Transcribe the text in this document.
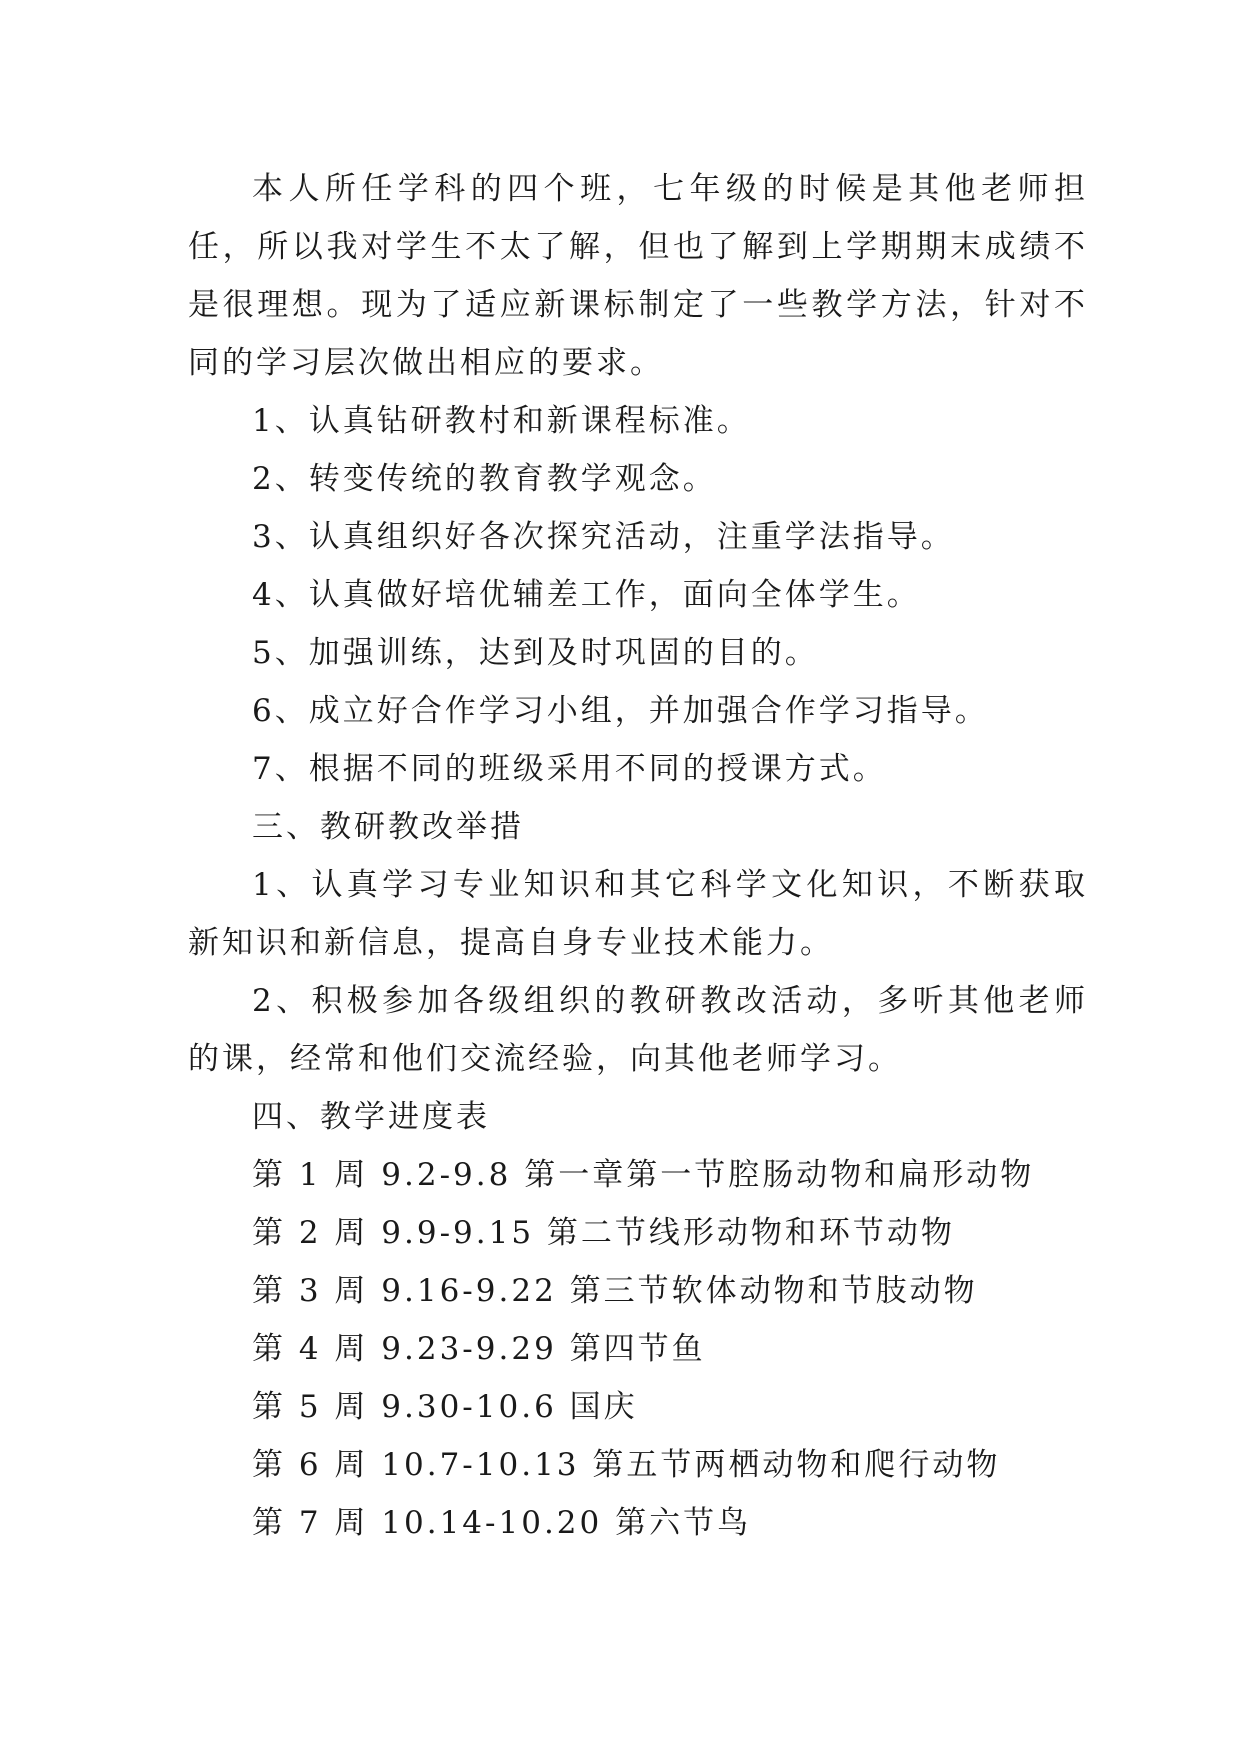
本人所任学科的四个班，七年级的时候是其他老师担任，所以我对学生不太了解，但也了解到上学期期末成绩不是很理想。现为了适应新课标制定了一些教学方法，针对不同的学习层次做出相应的要求。

1、认真钻研教村和新课程标准。

2、转变传统的教育教学观念。

3、认真组织好各次探究活动，注重学法指导。

4、认真做好培优辅差工作，面向全体学生。

5、加强训练，达到及时巩固的目的。

6、成立好合作学习小组，并加强合作学习指导。

7、根据不同的班级采用不同的授课方式。

三、教研教改举措

1、认真学习专业知识和其它科学文化知识，不断获取新知识和新信息，提高自身专业技术能力。

2、积极参加各级组织的教研教改活动，多听其他老师的课，经常和他们交流经验，向其他老师学习。

四、教学进度表

第 1 周 9.2-9.8 第一章第一节腔肠动物和扁形动物

第 2 周 9.9-9.15 第二节线形动物和环节动物

第 3 周 9.16-9.22 第三节软体动物和节肢动物

第 4 周 9.23-9.29 第四节鱼

第 5 周 9.30-10.6 国庆

第 6 周 10.7-10.13 第五节两栖动物和爬行动物

第 7 周 10.14-10.20 第六节鸟
